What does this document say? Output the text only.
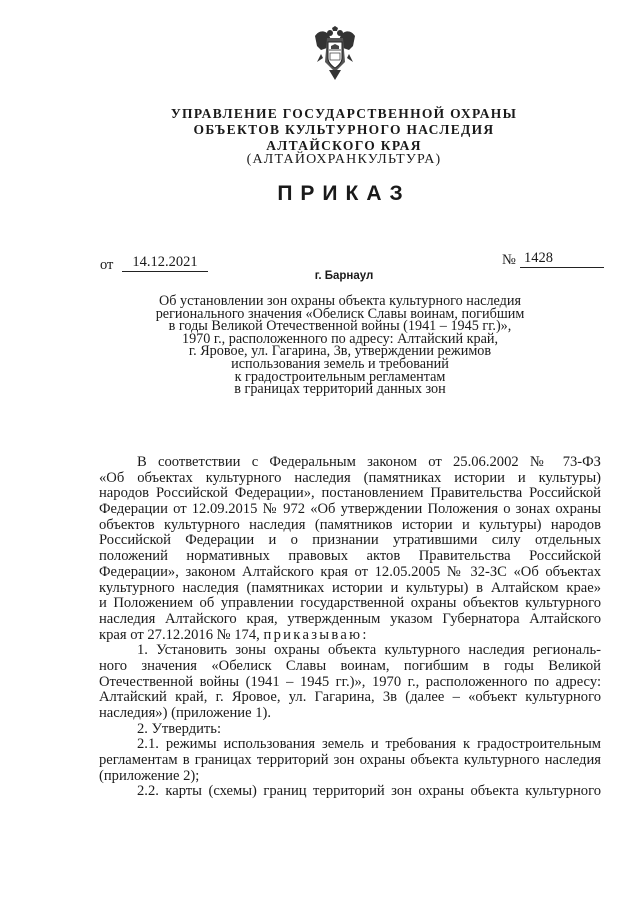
УПРАВЛЕНИЕ ГОСУДАРСТВЕННОЙ ОХРАНЫ
ОБЪЕКТОВ КУЛЬТУРНОГО НАСЛЕДИЯ
АЛТАЙСКОГО КРАЯ
(АЛТАЙОХРАНКУЛЬТУРА)
ПРИКАЗ
от	14.12.2021	№ 1428
г. Барнаул
Об установлении зон охраны объекта культурного наследия
регионального значения «Обелиск Славы воинам, погибшим
в годы Великой Отечественной войны (1941 – 1945 гг.)»,
1970 г., расположенного по адресу: Алтайский край,
г. Яровое, ул. Гагарина, 3в, утверждении режимов
использования земель и требований
к градостроительным регламентам
в границах территорий данных зон
В соответствии с Федеральным законом от 25.06.2002 № 73-ФЗ
«Об объектах культурного наследия (памятниках истории и культуры)
народов Российской Федерации», постановлением Правительства Российской
Федерации от 12.09.2015 № 972 «Об утверждении Положения о зонах охраны
объектов культурного наследия (памятников истории и культуры) народов
Российской Федерации и о признании утратившими силу отдельных
положений нормативных правовых актов Правительства Российской
Федерации», законом Алтайского края от 12.05.2005 № 32-ЗС «Об объектах
культурного наследия (памятниках истории и культуры) в Алтайском крае»
и Положением об управлении государственной охраны объектов культурного
наследия Алтайского края, утвержденным указом Губернатора Алтайского
края от 27.12.2016 № 174, приказываю:
1. Установить зоны охраны объекта культурного наследия региональ-
ного значения «Обелиск Славы воинам, погибшим в годы Великой
Отечественной войны (1941 – 1945 гг.)», 1970 г., расположенного по адресу:
Алтайский край, г. Яровое, ул. Гагарина, 3в (далее – «объект культурного
наследия») (приложение 1).
2. Утвердить:
2.1. режимы использования земель и требования к градостроительным
регламентам в границах территорий зон охраны объекта культурного наследия
(приложение 2);
2.2. карты (схемы) границ территорий зон охраны объекта культурного
